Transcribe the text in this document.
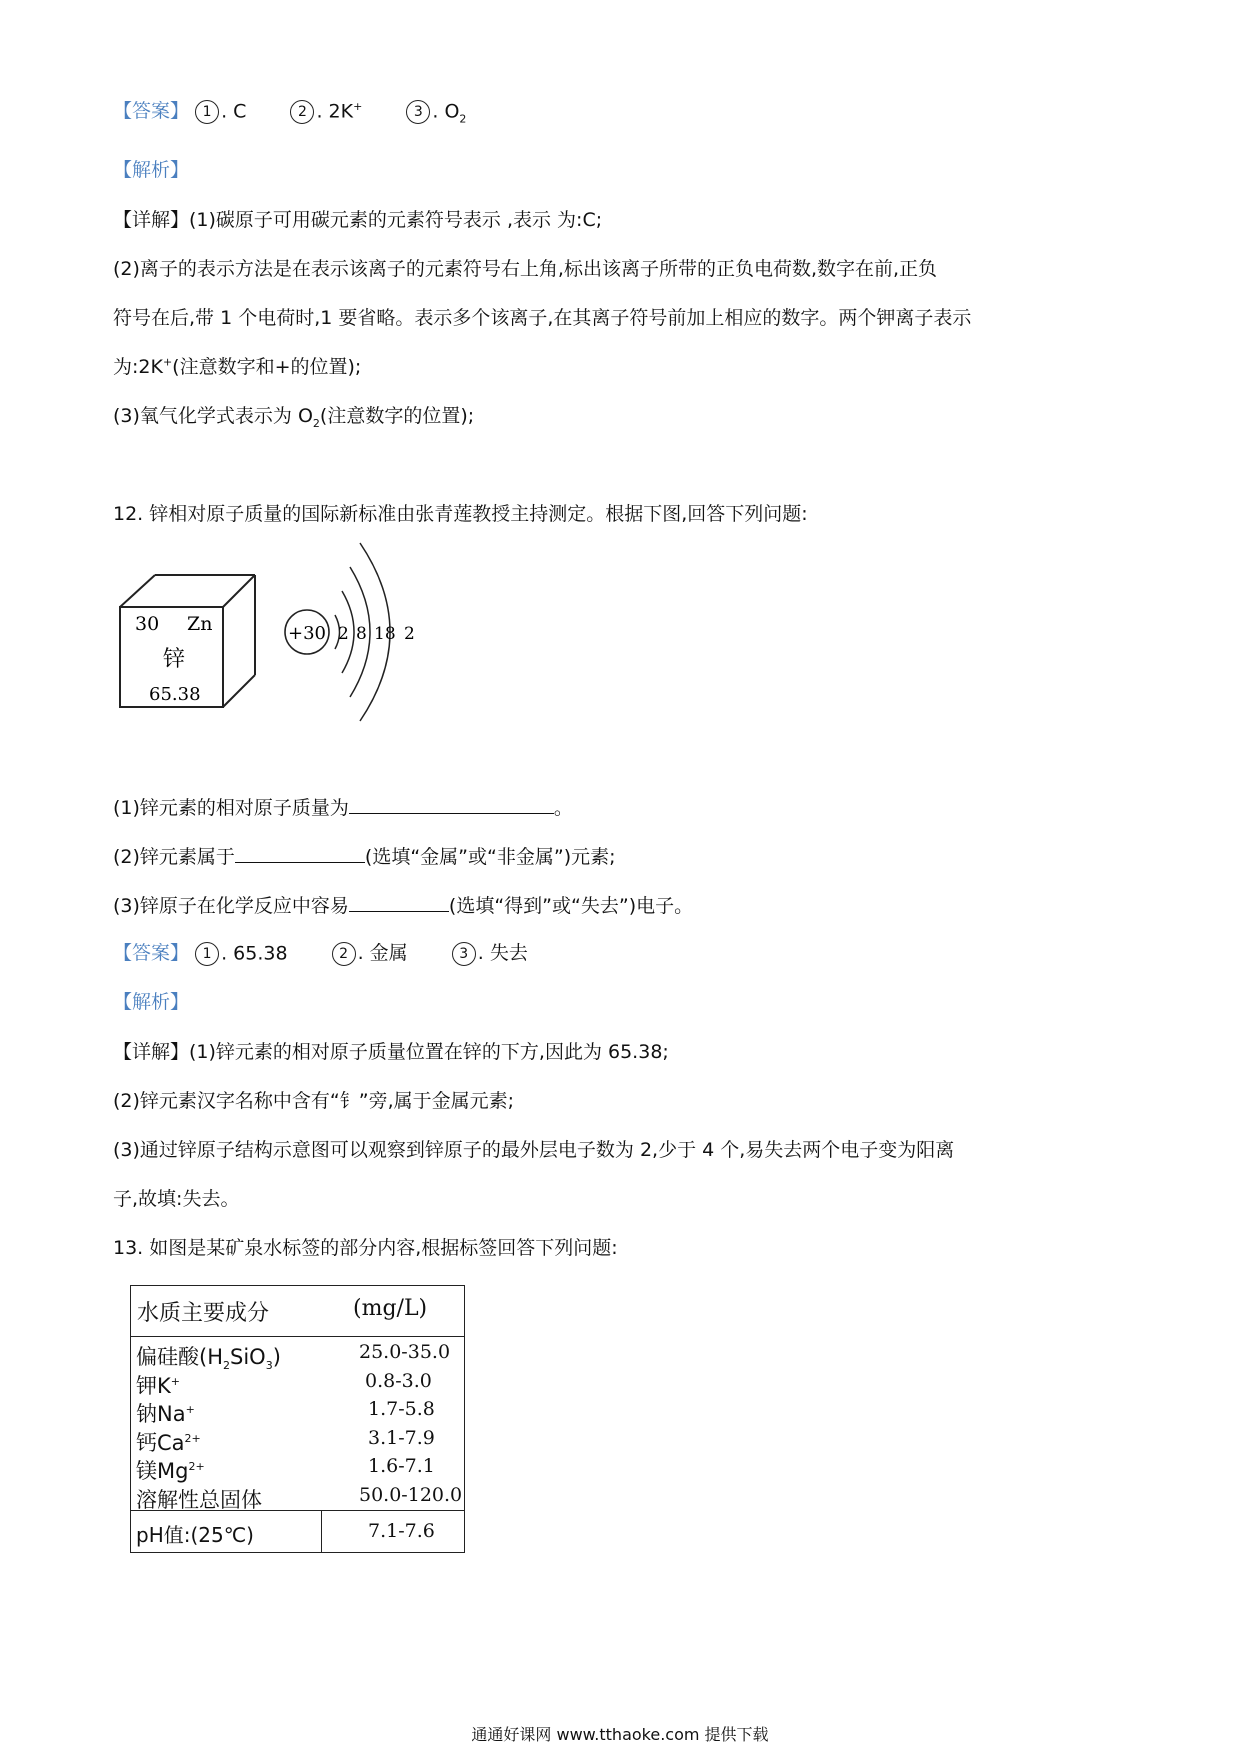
【答案】 1 . C	2 . 2K+	3 . $O_2$
【解析】
【详解】(1)碳原子可用碳元素的元素符号表示 ,表示 为:C;
(2)离子的表示方法是在表示该离子的元素符号右上角,标出该离子所带的正负电荷数,数字在前,正负
符号在后,带 1 个电荷时,1 要省略。表示多个该离子,在其离子符号前加上相应的数字。两个钾离子表示
为:2K+(注意数字和+的位置);
(3)氧气化学式表示为 $O_2$(注意数字的位置);
12. 锌相对原子质量的国际新标准由张青莲教授主持测定。根据下图,回答下列问题:
30 Zn
锌
65.38
+30 2 8 18 2
(1)锌元素的相对原子质量为	。
(2)锌元素属于	(选填“金属”或“非金属”)元素;
(3)锌原子在化学反应中容易	(选填“得到”或“失去”)电子。
【答案】 1 . 65.38	2 . 金属	3 . 失去
【解析】
【详解】(1)锌元素的相对原子质量位置在锌的下方,因此为 65.38;
(2)锌元素汉字名称中含有“钅”旁,属于金属元素;
(3)通过锌原子结构示意图可以观察到锌原子的最外层电子数为 2,少于 4 个,易失去两个电子变为阳离
子,故填:失去。
13. 如图是某矿泉水标签的部分内容,根据标签回答下列问题:
水质主要成分	(mg/L)
偏硅酸$(H_2SiO_3)$	25.0-35.0
钾K+	0.8-3.0
钠Na+	1.7-5.8
钙$Ca^{2+}$	3.1-7.9
镁$Mg^{2+}$	1.6-7.1
溶解性总固体	50.0-120.0
pH值:(25℃)	7.1-7.6
通通好课网 www.tthaoke.com 提供下载
